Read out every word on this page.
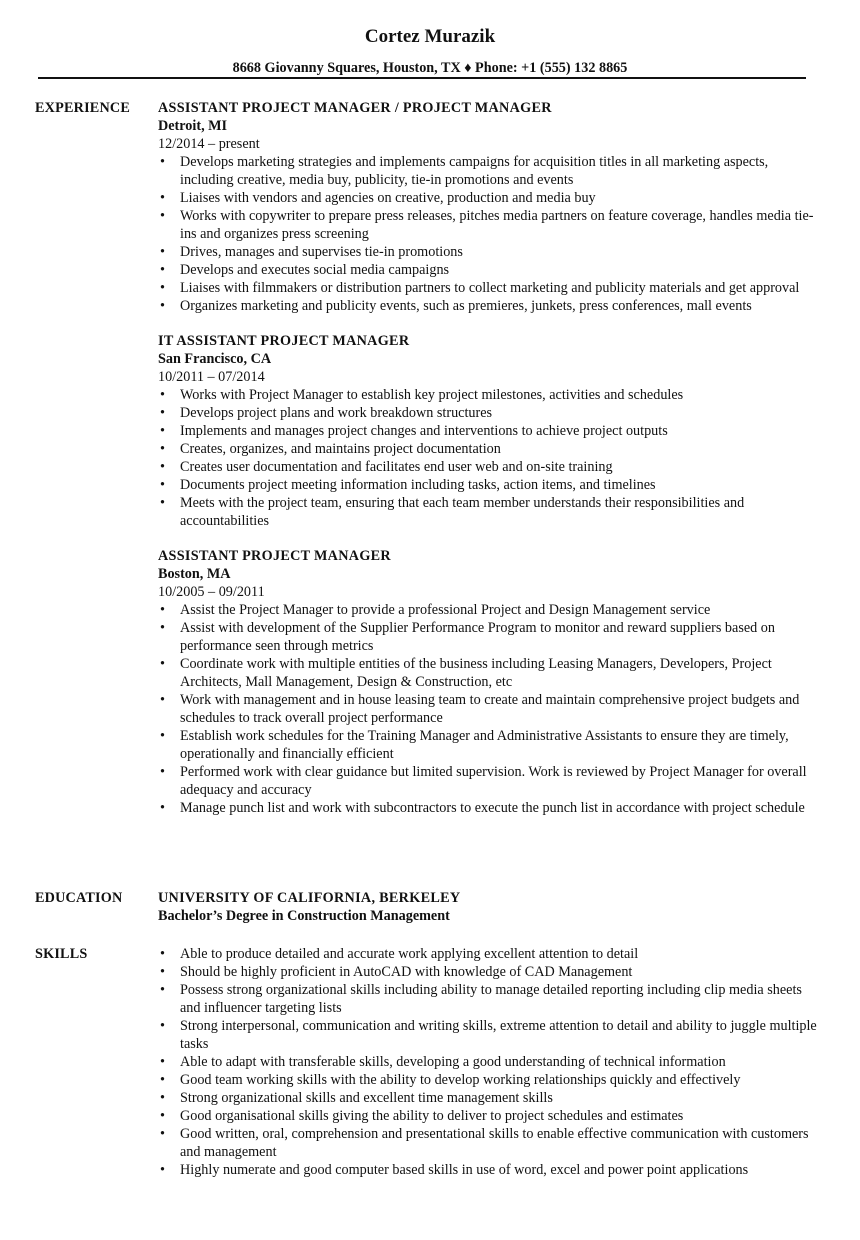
Cortez Murazik
8668 Giovanny Squares, Houston, TX ♦ Phone: +1 (555) 132 8865
EXPERIENCE	ASSISTANT PROJECT MANAGER / PROJECT MANAGER
Detroit, MI
12/2014 – present
• Develops marketing strategies and implements campaigns for acquisition titles in all marketing aspects, including creative, media buy, publicity, tie-in promotions and events
• Liaises with vendors and agencies on creative, production and media buy
• Works with copywriter to prepare press releases, pitches media partners on feature coverage, handles media tie-ins and organizes press screening
• Drives, manages and supervises tie-in promotions
• Develops and executes social media campaigns
• Liaises with filmmakers or distribution partners to collect marketing and publicity materials and get approval
• Organizes marketing and publicity events, such as premieres, junkets, press conferences, mall events
IT ASSISTANT PROJECT MANAGER
San Francisco, CA
10/2011 – 07/2014
• Works with Project Manager to establish key project milestones, activities and schedules
• Develops project plans and work breakdown structures
• Implements and manages project changes and interventions to achieve project outputs
• Creates, organizes, and maintains project documentation
• Creates user documentation and facilitates end user web and on-site training
• Documents project meeting information including tasks, action items, and timelines
• Meets with the project team, ensuring that each team member understands their responsibilities and accountabilities
ASSISTANT PROJECT MANAGER
Boston, MA
10/2005 – 09/2011
• Assist the Project Manager to provide a professional Project and Design Management service
• Assist with development of the Supplier Performance Program to monitor and reward suppliers based on performance seen through metrics
• Coordinate work with multiple entities of the business including Leasing Managers, Developers, Project Architects, Mall Management, Design & Construction, etc
• Work with management and in house leasing team to create and maintain comprehensive project budgets and schedules to track overall project performance
• Establish work schedules for the Training Manager and Administrative Assistants to ensure they are timely, operationally and financially efficient
• Performed work with clear guidance but limited supervision. Work is reviewed by Project Manager for overall adequacy and accuracy
• Manage punch list and work with subcontractors to execute the punch list in accordance with project schedule
EDUCATION	UNIVERSITY OF CALIFORNIA, BERKELEY
Bachelor’s Degree in Construction Management
SKILLS
•	Able to produce detailed and accurate work applying excellent attention to detail
• Should be highly proficient in AutoCAD with knowledge of CAD Management
• Possess strong organizational skills including ability to manage detailed reporting including clip media sheets and influencer targeting lists
• Strong interpersonal, communication and writing skills, extreme attention to detail and ability to juggle multiple tasks
• Able to adapt with transferable skills, developing a good understanding of technical information
• Good team working skills with the ability to develop working relationships quickly and effectively
• Strong organizational skills and excellent time management skills
• Good organisational skills giving the ability to deliver to project schedules and estimates
• Good written, oral, comprehension and presentational skills to enable effective communication with customers and management
• Highly numerate and good computer based skills in use of word, excel and power point applications
